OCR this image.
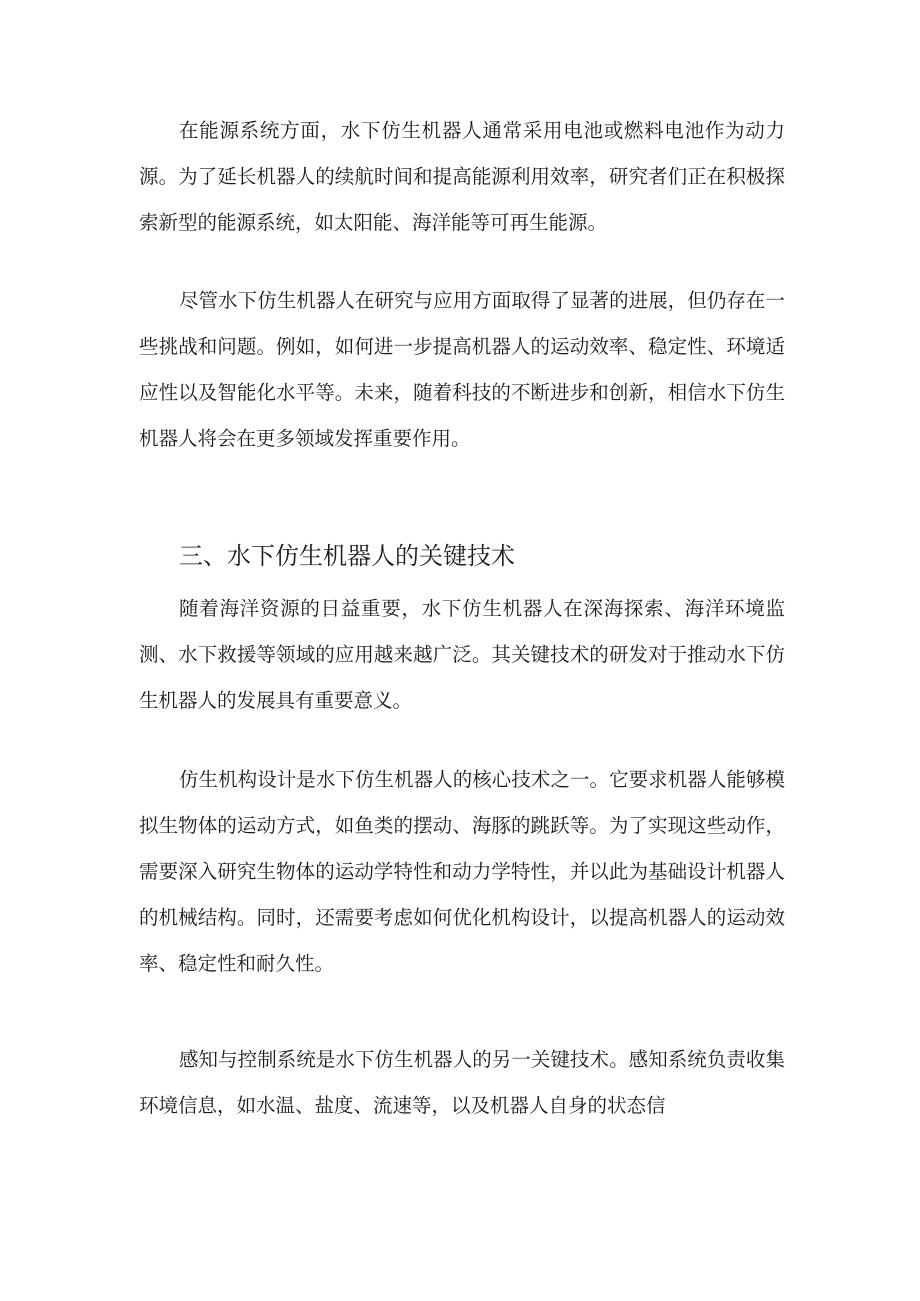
在能源系统方面，水下仿生机器人通常采用电池或燃料电池作为动力源。为了延长机器人的续航时间和提高能源利用效率，研究者们正在积极探索新型的能源系统，如太阳能、海洋能等可再生能源。

尽管水下仿生机器人在研究与应用方面取得了显著的进展，但仍存在一些挑战和问题。例如，如何进一步提高机器人的运动效率、稳定性、环境适应性以及智能化水平等。未来，随着科技的不断进步和创新，相信水下仿生机器人将会在更多领域发挥重要作用。

三、水下仿生机器人的关键技术

随着海洋资源的日益重要，水下仿生机器人在深海探索、海洋环境监测、水下救援等领域的应用越来越广泛。其关键技术的研发对于推动水下仿生机器人的发展具有重要意义。

仿生机构设计是水下仿生机器人的核心技术之一。它要求机器人能够模拟生物体的运动方式，如鱼类的摆动、海豚的跳跃等。为了实现这些动作，需要深入研究生物体的运动学特性和动力学特性，并以此为基础设计机器人的机械结构。同时，还需要考虑如何优化机构设计，以提高机器人的运动效率、稳定性和耐久性。

感知与控制系统是水下仿生机器人的另一关键技术。感知系统负责收集环境信息，如水温、盐度、流速等，以及机器人自身的状态信
